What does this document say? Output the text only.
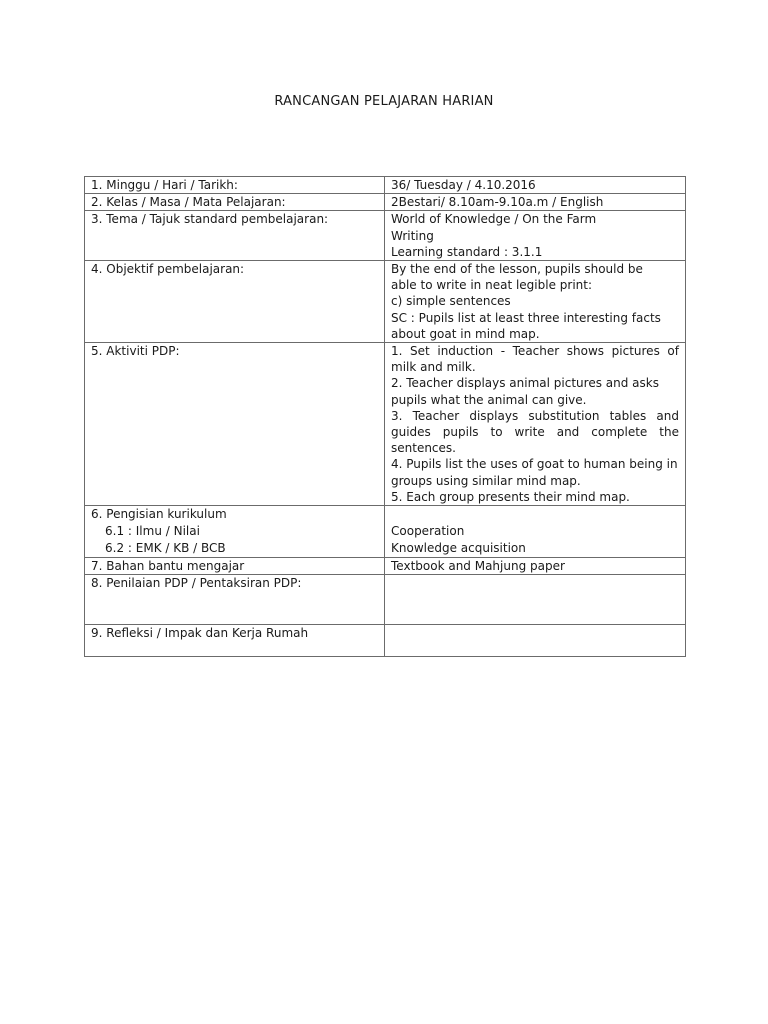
RANCANGAN PELAJARAN HARIAN
1. Minggu / Hari / Tarikh:	36/ Tuesday / 4.10.2016

2. Kelas / Masa / Mata Pelajaran:	2Bestari/ 8.10am-9.10a.m / English

3. Tema / Tajuk standard pembelajaran:	World of Knowledge / On the Farm
Writing
Learning standard : 3.1.1

4. Objektif pembelajaran:	By the end of the lesson, pupils should be
able to write in neat legible print:
c) simple sentences
SC : Pupils list at least three interesting facts
about goat in mind map.

5. Aktiviti PDP:	1. Set induction - Teacher shows pictures of milk and milk.
2. Teacher displays animal pictures and asks pupils what the animal can give.
3. Teacher displays substitution tables and guides pupils to write and complete the sentences.
4. Pupils list the uses of goat to human being in groups using similar mind map.
5. Each group presents their mind map.

6. Pengisian kurikulum
6.1 : Ilmu / Nilai
6.2 : EMK / KB / BCB	Cooperation
Knowledge acquisition

7. Bahan bantu mengajar	Textbook and Mahjung paper

8. Penilaian PDP / Pentaksiran PDP:	

9. Refleksi / Impak dan Kerja Rumah	
